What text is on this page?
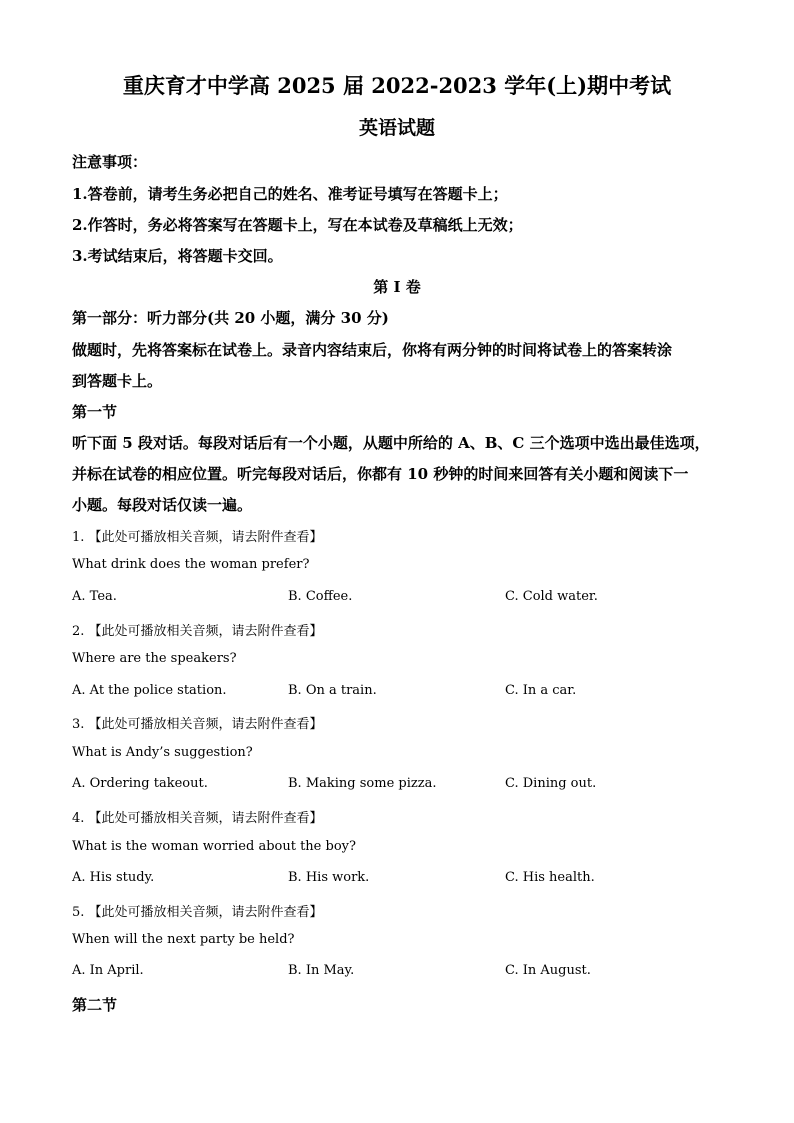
重庆育才中学高 2025 届 2022-2023 学年(上)期中考试
英语试题
注意事项：
1.答卷前，请考生务必把自己的姓名、准考证号填写在答题卡上；
2.作答时，务必将答案写在答题卡上，写在本试卷及草稿纸上无效；
3.考试结束后，将答题卡交回。
第 I 卷
第一部分：听力部分(共 20 小题，满分 30 分)
做题时，先将答案标在试卷上。录音内容结束后，你将有两分钟的时间将试卷上的答案转涂
到答题卡上。
第一节
听下面 5 段对话。每段对话后有一个小题，从题中所给的 A、B、C 三个选项中选出最佳选项，
并标在试卷的相应位置。听完每段对话后，你都有 10 秒钟的时间来回答有关小题和阅读下一
小题。每段对话仅读一遍。
1. 【此处可播放相关音频，请去附件查看】
What drink does the woman prefer?
A. Tea.	B. Coffee.	C. Cold water.
2. 【此处可播放相关音频，请去附件查看】
Where are the speakers?
A. At the police station.	B. On a train.	C. In a car.
3. 【此处可播放相关音频，请去附件查看】
What is Andy’s suggestion?
A. Ordering takeout.	B. Making some pizza.	C. Dining out.
4. 【此处可播放相关音频，请去附件查看】
What is the woman worried about the boy?
A. His study.	B. His work.	C. His health.
5. 【此处可播放相关音频，请去附件查看】
When will the next party be held?
A. In April.	B. In May.	C. In August.
第二节
